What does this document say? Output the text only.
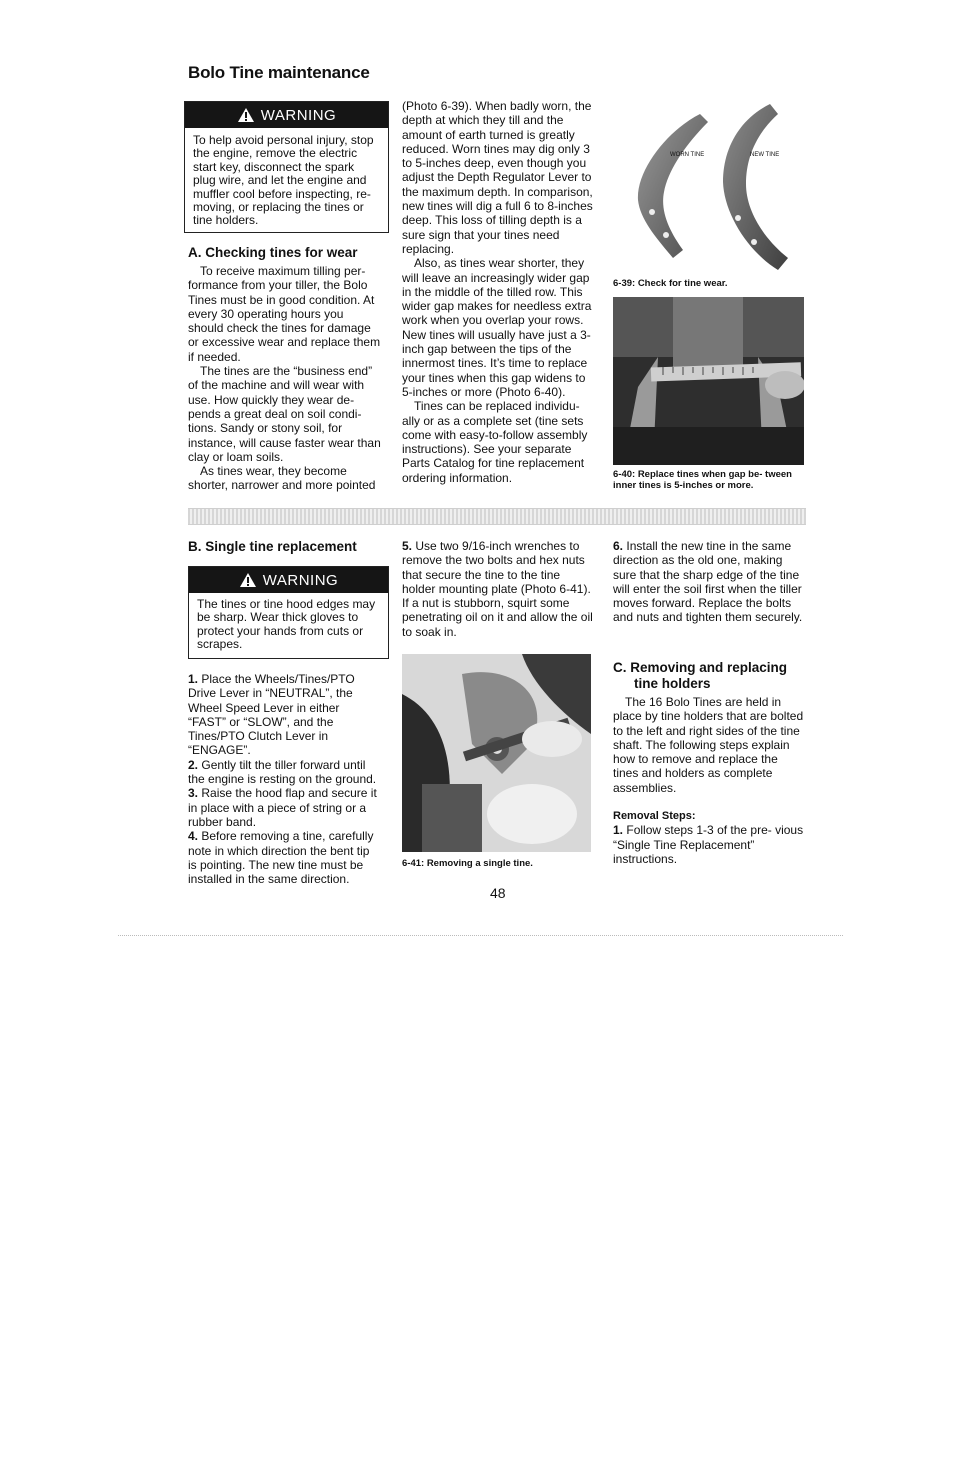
Bolo Tine maintenance
WARNING
To help avoid personal injury, stop the engine, remove the electric start key, disconnect the spark plug wire, and let the engine and muffler cool before inspecting, re- moving, or replacing the tines or tine holders.

A. Checking tines for wear

To receive maximum tilling per- formance from your tiller, the Bolo Tines must be in good condition. At every 30 operating hours you should check the tines for damage or excessive wear and replace them if needed.

The tines are the “business end” of the machine and will wear with use. How quickly they wear de- pends a great deal on soil condi- tions. Sandy or stony soil, for instance, will cause faster wear than clay or loam soils.

As tines wear, they become shorter, narrower and more pointed

(Photo 6-39). When badly worn, the depth at which they till and the amount of earth turned is greatly reduced. Worn tines may dig only 3 to 5-inches deep, even though you adjust the Depth Regulator Lever to the maximum depth. In comparison, new tines will dig a full 6 to 8-inches deep. This loss of tilling depth is a sure sign that your tines need replacing.

Also, as tines wear shorter, they will leave an increasingly wider gap in the middle of the tilled row. This wider gap makes for needless extra work when you overlap your rows. New tines will usually have just a 3-inch gap between the tips of the innermost tines. It’s time to replace your tines when this gap widens to 5-inches or more (Photo 6-40).

Tines can be replaced individu- ally or as a complete set (tine sets come with easy-to-follow assembly instructions). See your separate Parts Catalog for tine replacement ordering information.

WORN TINE	NEW TINE
6-39: Check for tine wear.
6-40: Replace tines when gap be- tween inner tines is 5-inches or more.

B. Single tine replacement

WARNING
The tines or tine hood edges may be sharp. Wear thick gloves to protect your hands from cuts or scrapes.

1. Place the Wheels/Tines/PTO Drive Lever in “NEUTRAL”, the Wheel Speed Lever in either “FAST” or “SLOW”, and the Tines/PTO Clutch Lever in “ENGAGE”.

2. Gently tilt the tiller forward until the engine is resting on the ground.

3. Raise the hood flap and secure it in place with a piece of string or a rubber band.

4. Before removing a tine, carefully note in which direction the bent tip is pointing. The new tine must be installed in the same direction.

5. Use two 9/16-inch wrenches to remove the two bolts and hex nuts that secure the tine to the tine holder mounting plate (Photo 6-41). If a nut is stubborn, squirt some penetrating oil on it and allow the oil to soak in.

6-41: Removing a single tine.

6. Install the new tine in the same direction as the old one, making sure that the sharp edge of the tine will enter the soil first when the tiller moves forward. Replace the bolts and nuts and tighten them securely.

C. Removing and replacing

tine holders

The 16 Bolo Tines are held in place by tine holders that are bolted to the left and right sides of the tine shaft. The following steps explain how to remove and replace the tines and holders as complete assemblies.

Removal Steps:

1. Follow steps 1-3 of the pre- vious “Single Tine Replacement” instructions.

48
